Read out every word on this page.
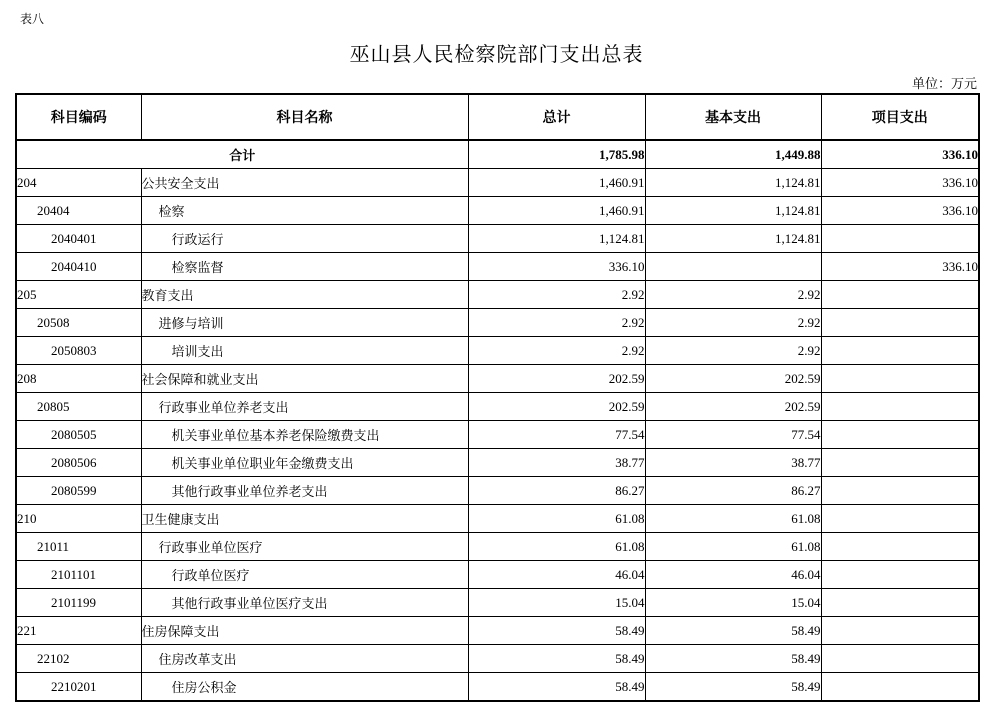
表八
巫山县人民检察院部门支出总表
单位：万元
科目编码	科目名称	总计	基本支出	项目支出
合计		1,785.98	1,449.88	336.10
204	公共安全支出	1,460.91	1,124.81	336.10
20404	检察	1,460.91	1,124.81	336.10
2040401	行政运行	1,124.81	1,124.81	
2040410	检察监督	336.10		336.10
205	教育支出	2.92	2.92	
20508	进修与培训	2.92	2.92	
2050803	培训支出	2.92	2.92	
208	社会保障和就业支出	202.59	202.59	
20805	行政事业单位养老支出	202.59	202.59	
2080505	机关事业单位基本养老保险缴费支出	77.54	77.54	
2080506	机关事业单位职业年金缴费支出	38.77	38.77	
2080599	其他行政事业单位养老支出	86.27	86.27	
210	卫生健康支出	61.08	61.08	
21011	行政事业单位医疗	61.08	61.08	
2101101	行政单位医疗	46.04	46.04	
2101199	其他行政事业单位医疗支出	15.04	15.04	
221	住房保障支出	58.49	58.49	
22102	住房改革支出	58.49	58.49	
2210201	住房公积金	58.49	58.49	
